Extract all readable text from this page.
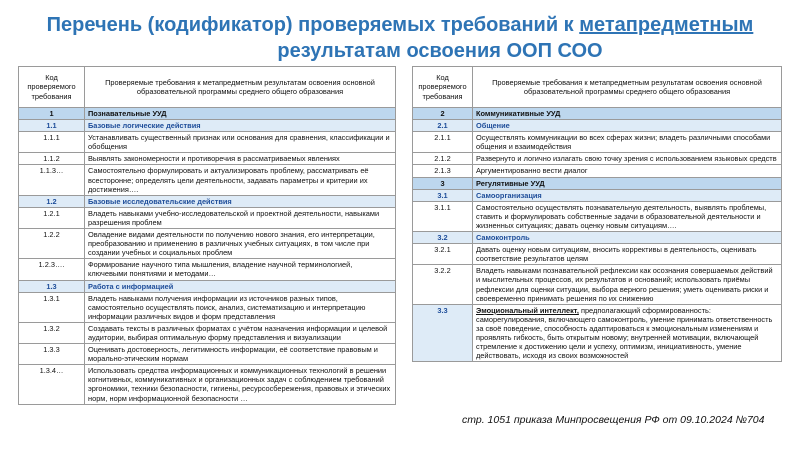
Перечень (кодификатор) проверяемых требований к метапредметным
результатам освоения ООП СОО
Код проверяемого требования	Проверяемые требования к метапредметным результатам освоения основной образовательной программы среднего общего образования
1	Познавательные УУД
1.1	Базовые логические действия
1.1.1	Устанавливать существенный признак или основания для сравнения, классификации и обобщения
1.1.2	Выявлять закономерности и противоречия в рассматриваемых явлениях
1.1.3…	Самостоятельно формулировать и актуализировать проблему, рассматривать её всесторонне; определять цели деятельности, задавать параметры и критерии их достижения….
1.2	Базовые исследовательские действия
1.2.1	Владеть навыками учебно-исследовательской и проектной деятельности, навыками разрешения проблем
1.2.2	Овладение видами деятельности по получению нового знания, его интерпретации, преобразованию и применению в различных учебных ситуациях, в том числе при создании учебных и социальных проблем
1.2.3….	Формирование научного типа мышления, владение научной терминологией, ключевыми понятиями и методами…
1.3	Работа с информацией
1.3.1	Владеть навыками получения информации из источников разных типов, самостоятельно осуществлять поиск, анализ, систематизацию и интерпретацию информации различных видов и форм представления
1.3.2	Создавать тексты в различных форматах с учётом назначения информации и целевой аудитории, выбирая оптимальную форму представления и визуализации
1.3.3	Оценивать достоверность, легитимность информации, её соответствие правовым и морально-этическим нормам
1.3.4…	Использовать средства информационных и коммуникационных технологий в решении когнитивных, коммуникативных и организационных задач с соблюдением требований эргономики, техники безопасности, гигиены, ресурсосбережения, правовых и этических норм, норм информационной безопасности …
Код проверяемого требования	Проверяемые требования к метапредметным результатам освоения основной образовательной программы среднего общего образования
2	Коммуникативные УУД
2.1	Общение
2.1.1	Осуществлять коммуникации во всех сферах жизни; владеть различными способами общения и взаимодействия
2.1.2	Развернуто и логично излагать свою точку зрения с использованием языковых средств
2.1.3	Аргументированно вести диалог
3	Регулятивные УУД
3.1	Самоорганизация
3.1.1	Самостоятельно осуществлять познавательную деятельность, выявлять проблемы, ставить и формулировать собственные задачи в образовательной деятельности и жизненных ситуациях; давать оценку новым ситуациям….
3.2	Самоконтроль
3.2.1	Давать оценку новым ситуациям, вносить коррективы в деятельность, оценивать соответствие результатов целям
3.2.2	Владеть навыками познавательной рефлексии как осознания совершаемых действий и мыслительных процессов, их результатов и оснований; использовать приёмы рефлексии для оценки ситуации, выбора верного решения; уметь оценивать риски и своевременно принимать решения по их снижению
3.3	Эмоциональный интеллект, предполагающий сформированность: саморегулирования, включающего самоконтроль, умение принимать ответственность за своё поведение, способность адаптироваться к эмоциональным изменениям и проявлять гибкость, быть открытым новому; внутренней мотивации, включающей стремление к достижению цели и успеху, оптимизм, инициативность, умение действовать, исходя из своих возможностей
стр. 1051 приказа Минпросвещения РФ от 09.10.2024 №704
